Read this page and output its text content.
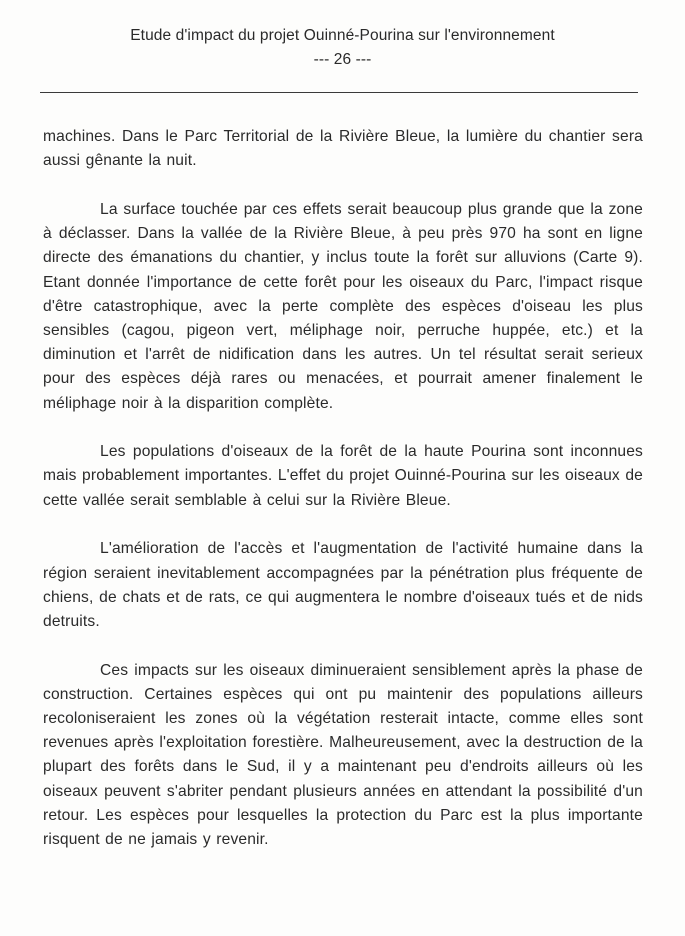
Etude d'impact du projet Ouinné-Pourina sur l'environnement
--- 26 ---

machines. Dans le Parc Territorial de la Rivière Bleue, la lumière du chantier sera aussi gênante la nuit.

La surface touchée par ces effets serait beaucoup plus grande que la zone à déclasser. Dans la vallée de la Rivière Bleue, à peu près 970 ha sont en ligne directe des émanations du chantier, y inclus toute la forêt sur alluvions (Carte 9). Etant donnée l'importance de cette forêt pour les oiseaux du Parc, l'impact risque d'être catastrophique, avec la perte complète des espèces d'oiseau les plus sensibles (cagou, pigeon vert, méliphage noir, perruche huppée, etc.) et la diminution et l'arrêt de nidification dans les autres. Un tel résultat serait serieux pour des espèces déjà rares ou menacées, et pourrait amener finalement le méliphage noir à la disparition complète.

Les populations d'oiseaux de la forêt de la haute Pourina sont inconnues mais probablement importantes. L'effet du projet Ouinné-Pourina sur les oiseaux de cette vallée serait semblable à celui sur la Rivière Bleue.

L'amélioration de l'accès et l'augmentation de l'activité humaine dans la région seraient inevitablement accompagnées par la pénétration plus fréquente de chiens, de chats et de rats, ce qui augmentera le nombre d'oiseaux tués et de nids detruits.

Ces impacts sur les oiseaux diminueraient sensiblement après la phase de construction. Certaines espèces qui ont pu maintenir des populations ailleurs recoloniseraient les zones où la végétation resterait intacte, comme elles sont revenues après l'exploitation forestière. Malheureusement, avec la destruction de la plupart des forêts dans le Sud, il y a maintenant peu d'endroits ailleurs où les oiseaux peuvent s'abriter pendant plusieurs années en attendant la possibilité d'un retour. Les espèces pour lesquelles la protection du Parc est la plus importante risquent de ne jamais y revenir.
